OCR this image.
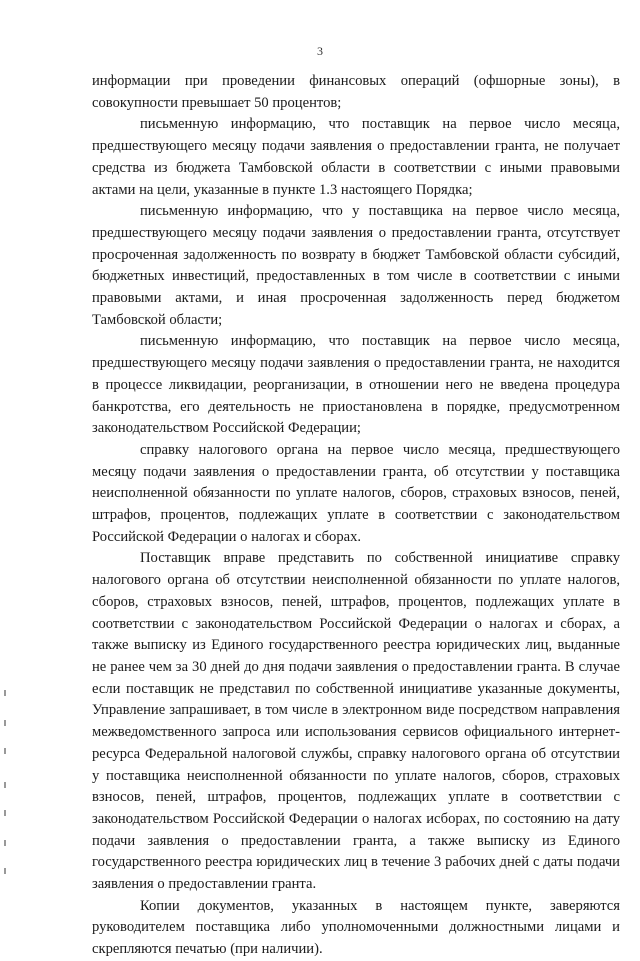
3

информации при проведении финансовых операций (офшорные зоны), в совокупности превышает 50 процентов;

письменную информацию, что поставщик на первое число месяца, предшествующего месяцу подачи заявления о предоставлении гранта, не получает средства из бюджета Тамбовской области в соответствии с иными правовыми актами на цели, указанные в пункте 1.3 настоящего Порядка;

письменную информацию, что у поставщика на первое число месяца, предшествующего месяцу подачи заявления о предоставлении гранта, отсутствует просроченная задолженность по возврату в бюджет Тамбовской области субсидий, бюджетных инвестиций, предоставленных в том числе в соответствии с иными правовыми актами, и иная просроченная задолженность перед бюджетом Тамбовской области;

письменную информацию, что поставщик на первое число месяца, предшествующего месяцу подачи заявления о предоставлении гранта, не находится в процессе ликвидации, реорганизации, в отношении него не введена процедура банкротства, его деятельность не приостановлена в порядке, предусмотренном законодательством Российской Федерации;

справку налогового органа на первое число месяца, предшествующего месяцу подачи заявления о предоставлении гранта, об отсутствии у поставщика неисполненной обязанности по уплате налогов, сборов, страховых взносов, пеней, штрафов, процентов, подлежащих уплате в соответствии с законодательством Российской Федерации о налогах и сборах.

Поставщик вправе представить по собственной инициативе справку налогового органа об отсутствии неисполненной обязанности по уплате налогов, сборов, страховых взносов, пеней, штрафов, процентов, подлежащих уплате в соответствии с законодательством Российской Федерации о налогах и сборах, а также выписку из Единого государственного реестра юридических лиц, выданные не ранее чем за 30 дней до дня подачи заявления о предоставлении гранта. В случае если поставщик не представил по собственной инициативе указанные документы, Управление запрашивает, в том числе в электронном виде посредством направления межведомственного запроса или использования сервисов официального интернет-ресурса Федеральной налоговой службы, справку налогового органа об отсутствии у поставщика неисполненной обязанности по уплате налогов, сборов, страховых взносов, пеней, штрафов, процентов, подлежащих уплате в соответствии с законодательством Российской Федерации о налогах исборах, по состоянию на дату подачи заявления о предоставлении гранта, а также выписку из Единого государственного реестра юридических лиц в течение 3 рабочих дней с даты подачи заявления о предоставлении гранта.

Копии документов, указанных в настоящем пункте, заверяются руководителем поставщика либо уполномоченными должностными лицами и скрепляются печатью (при наличии).
